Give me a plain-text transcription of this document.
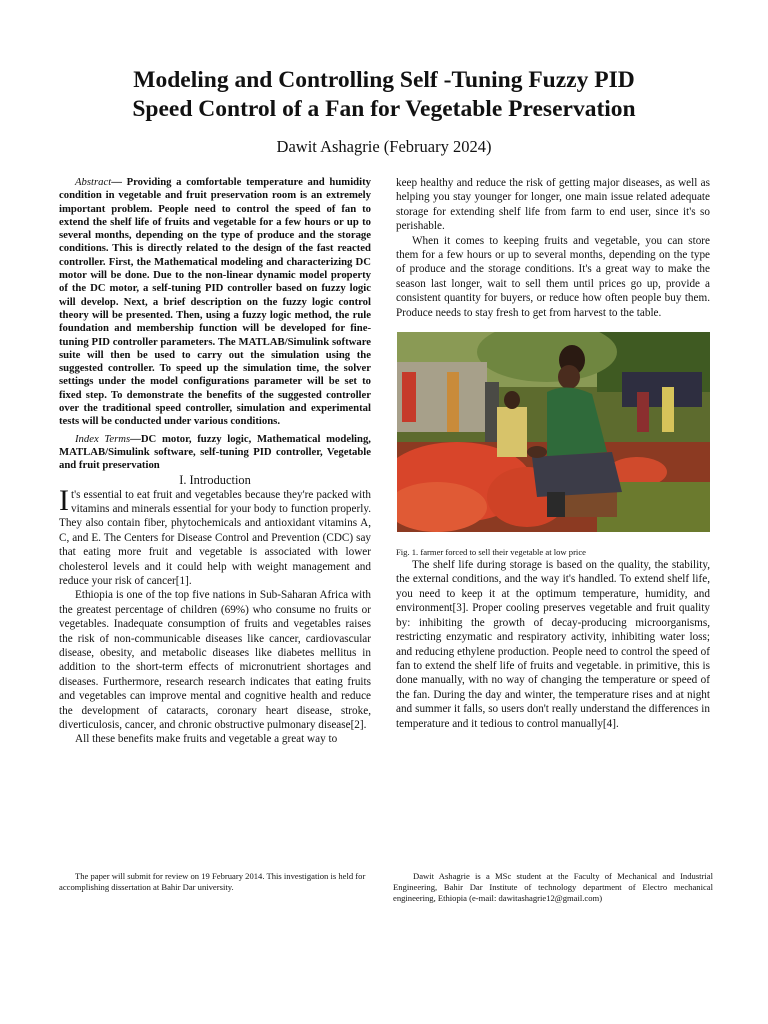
Modeling and Controlling Self -Tuning Fuzzy PID
Speed Control of a Fan for Vegetable Preservation
Dawit Ashagrie (February 2024)

Abstract— Providing a comfortable temperature and humidity condition in vegetable and fruit preservation room is an extremely important problem. People need to control the speed of fan to extend the shelf life of fruits and vegetable for a few hours or up to several months, depending on the type of produce and the storage conditions. This is directly related to the design of the fast reacted controller. First, the Mathematical modeling and characterizing DC motor will be done. Due to the non-linear dynamic model property of the DC motor, a self-tuning PID controller based on fuzzy logic will develop. Next, a brief description on the fuzzy logic control theory will be presented. Then, using a fuzzy logic method, the rule foundation and membership function will be developed for fine-tuning PID controller parameters. The MATLAB/Simulink software suite will then be used to carry out the simulation using the suggested controller. To speed up the simulation time, the solver settings under the model configurations parameter will be set to fixed step. To demonstrate the benefits of the suggested controller over the traditional speed controller, simulation and experimental tests will be conducted under various conditions.

Index Terms—DC motor, fuzzy logic, Mathematical modeling, MATLAB/Simulink software, self-tuning PID controller, Vegetable and fruit preservation

I. Introduction

It's essential to eat fruit and vegetables because they're packed with vitamins and minerals essential for your body to function properly. They also contain fiber, phytochemicals and antioxidant vitamins A, C, and E. The Centers for Disease Control and Prevention (CDC) say that eating more fruit and vegetable is associated with lower cholesterol levels and it could help with weight management and reduce your risk of cancer[1].

Ethiopia is one of the top five nations in Sub-Saharan Africa with the greatest percentage of children (69%) who consume no fruits or vegetables. Inadequate consumption of fruits and vegetables raises the risk of non-communicable diseases like cancer, cardiovascular disease, obesity, and metabolic diseases like diabetes mellitus in addition to the short-term effects of micronutrient shortages and diseases. Furthermore, research research indicates that eating fruits and vegetables can improve mental and cognitive health and reduce the development of cataracts, coronary heart disease, stroke, diverticulosis, cancer, and chronic obstructive pulmonary disease[2].

All these benefits make fruits and vegetable a great way to

keep healthy and reduce the risk of getting major diseases, as well as helping you stay younger for longer, one main issue related adequate storage for extending shelf life from farm to end user, since it's so perishable.

When it comes to keeping fruits and vegetable, you can store them for a few hours or up to several months, depending on the type of produce and the storage conditions. It's a great way to make the season last longer, wait to sell them until prices go up, provide a consistent quantity for buyers, or reduce how often people buy them. Produce needs to stay fresh to get from harvest to the table.

Fig. 1. farmer forced to sell their vegetable at low price

The shelf life during storage is based on the quality, the stability, the external conditions, and the way it's handled. To extend shelf life, you need to keep it at the optimum temperature, humidity, and environment[3]. Proper cooling preserves vegetable and fruit quality by: inhibiting the growth of decay-producing microorganisms, restricting enzymatic and respiratory activity, inhibiting water loss; and reducing ethylene production. People need to control the speed of fan to extend the shelf life of fruits and vegetable. in primitive, this is done manually, with no way of changing the temperature or speed of the fan. During the day and winter, the temperature rises and at night and summer it falls, so users don't really understand the differences in temperature and it tedious to control manually[4].

The paper will submit for review on 19 February 2014. This investigation is held for accomplishing dissertation at Bahir Dar university.

Dawit Ashagrie is a MSc student at the Faculty of Mechanical and Industrial Engineering, Bahir Dar Institute of technology department of Electro mechanical engineering, Ethiopia (e-mail: dawitashagrie12@gmail.com)
